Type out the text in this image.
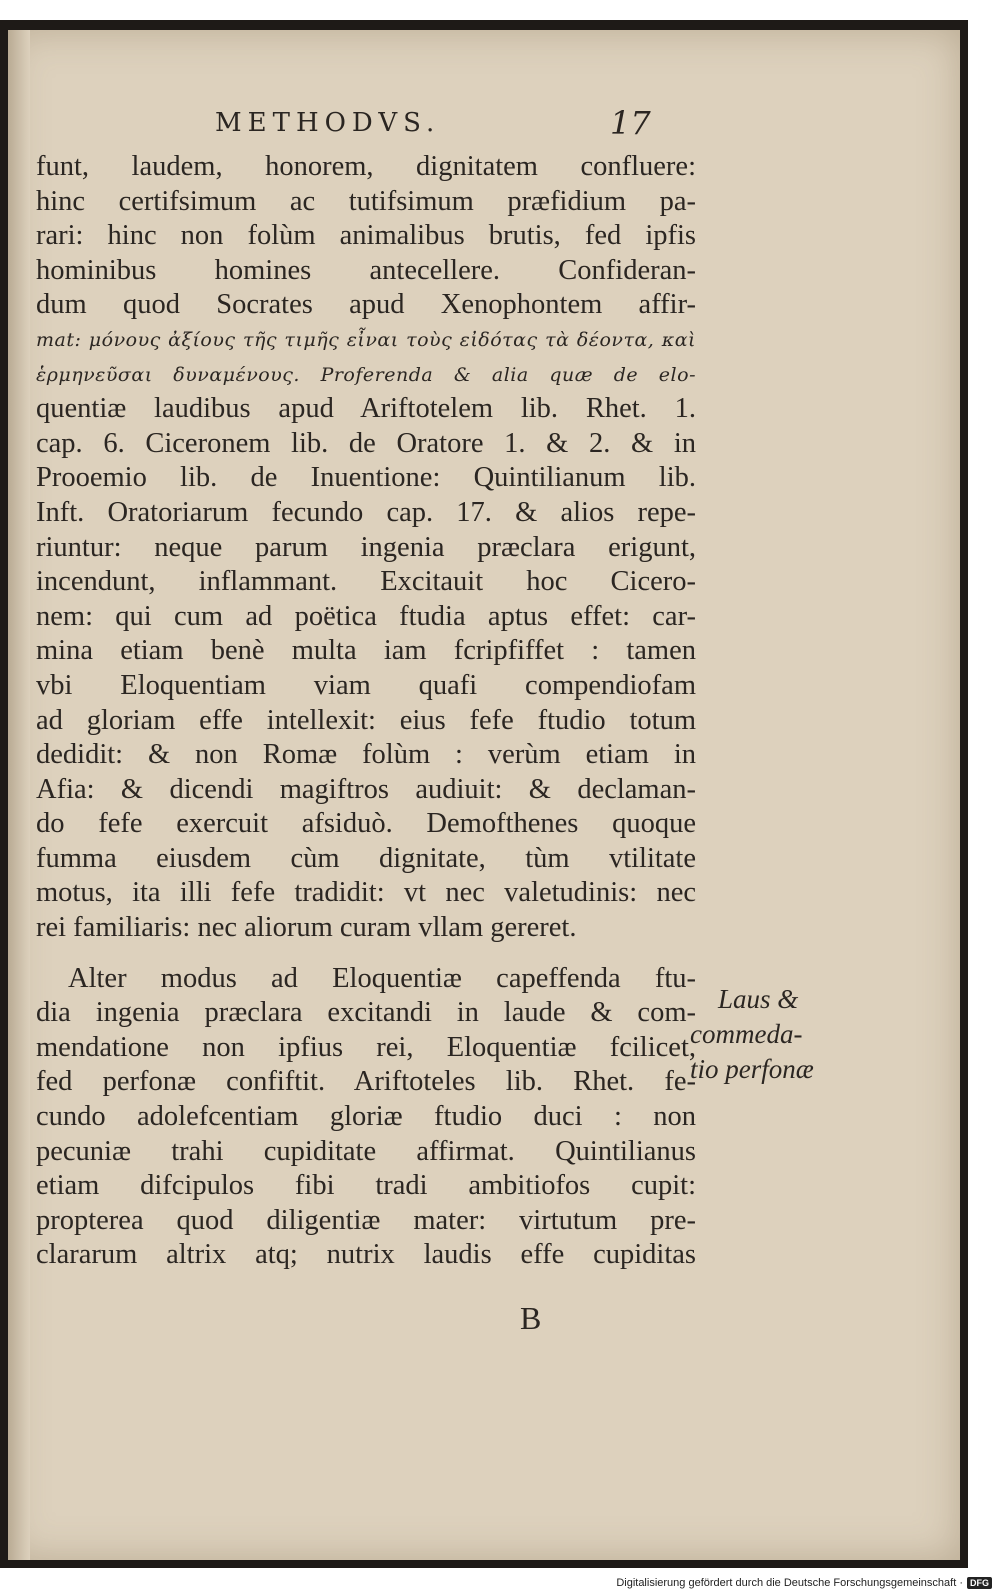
METHODVS.	17
funt, laudem, honorem, dignitatem confluere:
hinc certifsimum ac tutifsimum præfidium pa-
rari: hinc non folùm animalibus brutis, fed ipfis
hominibus homines antecellere. Confideran-
dum quod Socrates apud Xenophontem affir-
mat: μόνους ἀξίους τῆς τιμῆς εἶναι τοὺς εἰδότας τὰ δέοντα, καὶ
ἑρμηνεῦσαι δυναμένους. Proferenda & alia quæ de elo-
quentiæ laudibus apud Ariftotelem lib. Rhet. 1.
cap. 6. Ciceronem lib. de Oratore 1. & 2. & in
Prooemio lib. de Inuentione: Quintilianum lib.
Inft. Oratoriarum fecundo cap. 17. & alios repe-
riuntur: neque parum ingenia præclara erigunt,
incendunt, inflammant. Excitauit hoc Cicero-
nem: qui cum ad poëtica ftudia aptus effet: car-
mina etiam benè multa iam fcripfiffet : tamen
vbi Eloquentiam viam quafi compendiofam
ad gloriam effe intellexit: eius fefe ftudio totum
dedidit: & non Romæ folùm : verùm etiam in
Afia: & dicendi magiftros audiuit: & declaman-
do fefe exercuit afsiduò. Demofthenes quoque
fumma eiusdem cùm dignitate, tùm vtilitate
motus, ita illi fefe tradidit: vt nec valetudinis: nec
rei familiaris: nec aliorum curam vllam gereret.
Alter modus ad Eloquentiæ capeffenda ftu-
dia ingenia præclara excitandi in laude & com-
mendatione non ipfius rei, Eloquentiæ fcilicet,
fed perfonæ confiftit. Ariftoteles lib. Rhet. fe-
cundo adolefcentiam gloriæ ftudio duci : non
pecuniæ trahi cupiditate affirmat. Quintilianus
etiam difcipulos fibi tradi ambitiofos cupit:
propterea quod diligentiæ mater: virtutum pre-
clararum altrix atq; nutrix laudis effe cupiditas
Laus &
commeda-
tio perfonæ
B
Digitalisierung gefördert durch die Deutsche Forschungsgemeinschaft · DFG
